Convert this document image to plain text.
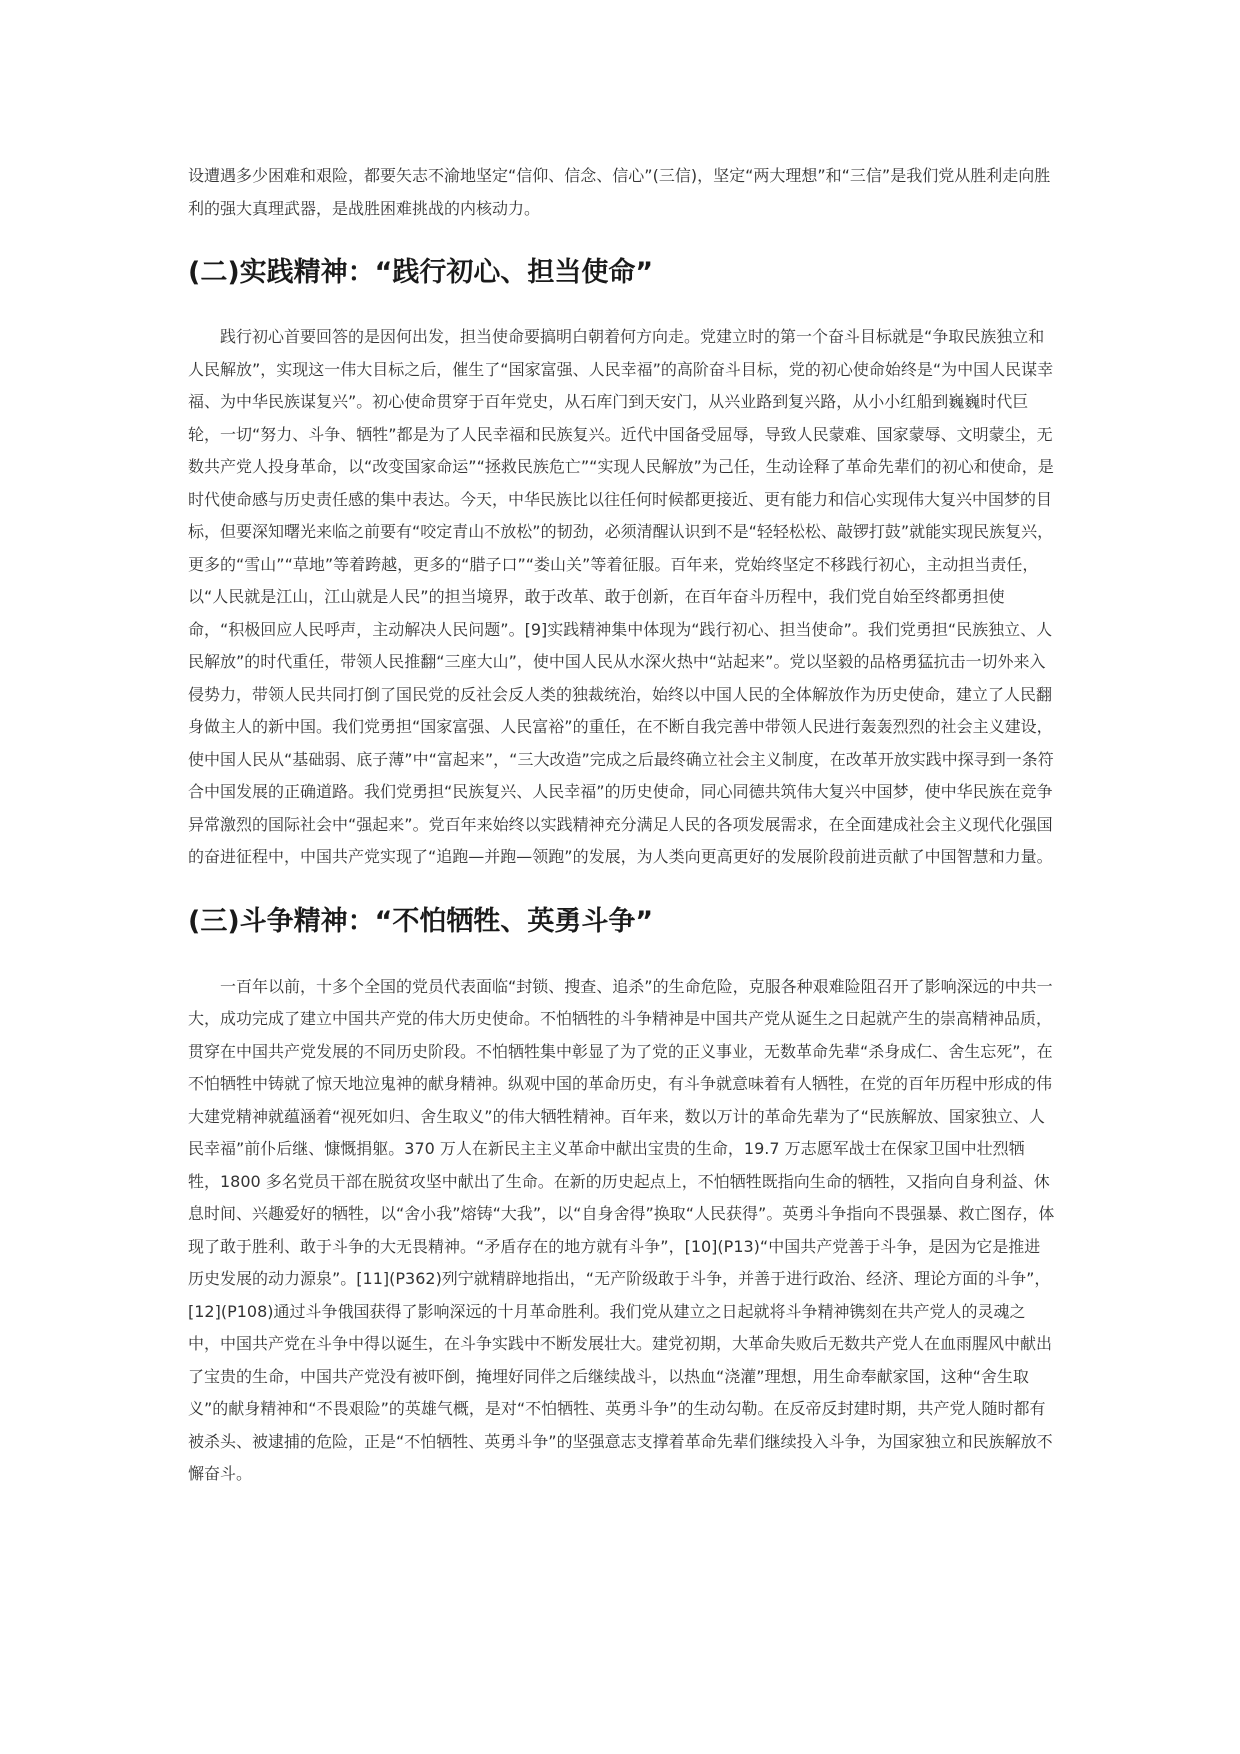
设遭遇多少困难和艰险，都要矢志不渝地坚定“信仰、信念、信心”(三信)，坚定“两大理想”和“三信”是我们党从胜利走向胜利的强大真理武器，是战胜困难挑战的内核动力。

(二)实践精神：“践行初心、担当使命”

践行初心首要回答的是因何出发，担当使命要搞明白朝着何方向走。党建立时的第一个奋斗目标就是“争取民族独立和人民解放”，实现这一伟大目标之后，催生了“国家富强、人民幸福”的高阶奋斗目标，党的初心使命始终是“为中国人民谋幸福、为中华民族谋复兴”。初心使命贯穿于百年党史，从石库门到天安门，从兴业路到复兴路，从小小红船到巍巍时代巨轮，一切“努力、斗争、牺牲”都是为了人民幸福和民族复兴。近代中国备受屈辱，导致人民蒙难、国家蒙辱、文明蒙尘，无数共产党人投身革命，以“改变国家命运”“拯救民族危亡”“实现人民解放”为己任，生动诠释了革命先辈们的初心和使命，是时代使命感与历史责任感的集中表达。今天，中华民族比以往任何时候都更接近、更有能力和信心实现伟大复兴中国梦的目标，但要深知曙光来临之前要有“咬定青山不放松”的韧劲，必须清醒认识到不是“轻轻松松、敲锣打鼓”就能实现民族复兴，更多的“雪山”“草地”等着跨越，更多的“腊子口”“娄山关”等着征服。百年来，党始终坚定不移践行初心，主动担当责任，以“人民就是江山，江山就是人民”的担当境界，敢于改革、敢于创新，在百年奋斗历程中，我们党自始至终都勇担使命，“积极回应人民呼声，主动解决人民问题”。[9]实践精神集中体现为“践行初心、担当使命”。我们党勇担“民族独立、人民解放”的时代重任，带领人民推翻“三座大山”，使中国人民从水深火热中“站起来”。党以坚毅的品格勇猛抗击一切外来入侵势力，带领人民共同打倒了国民党的反社会反人类的独裁统治，始终以中国人民的全体解放作为历史使命，建立了人民翻身做主人的新中国。我们党勇担“国家富强、人民富裕”的重任，在不断自我完善中带领人民进行轰轰烈烈的社会主义建设，使中国人民从“基础弱、底子薄”中“富起来”，“三大改造”完成之后最终确立社会主义制度，在改革开放实践中探寻到一条符合中国发展的正确道路。我们党勇担“民族复兴、人民幸福”的历史使命，同心同德共筑伟大复兴中国梦，使中华民族在竞争异常激烈的国际社会中“强起来”。党百年来始终以实践精神充分满足人民的各项发展需求，在全面建成社会主义现代化强国的奋进征程中，中国共产党实现了“追跑—并跑—领跑”的发展，为人类向更高更好的发展阶段前进贡献了中国智慧和力量。

(三)斗争精神：“不怕牺牲、英勇斗争”

一百年以前，十多个全国的党员代表面临“封锁、搜查、追杀”的生命危险，克服各种艰难险阻召开了影响深远的中共一大，成功完成了建立中国共产党的伟大历史使命。不怕牺牲的斗争精神是中国共产党从诞生之日起就产生的崇高精神品质，贯穿在中国共产党发展的不同历史阶段。不怕牺牲集中彰显了为了党的正义事业，无数革命先辈“杀身成仁、舍生忘死”，在不怕牺牲中铸就了惊天地泣鬼神的献身精神。纵观中国的革命历史，有斗争就意味着有人牺牲，在党的百年历程中形成的伟大建党精神就蕴涵着“视死如归、舍生取义”的伟大牺牲精神。百年来，数以万计的革命先辈为了“民族解放、国家独立、人民幸福”前仆后继、慷慨捐躯。370 万人在新民主主义革命中献出宝贵的生命，19.7 万志愿军战士在保家卫国中壮烈牺牲，1800 多名党员干部在脱贫攻坚中献出了生命。在新的历史起点上，不怕牺牲既指向生命的牺牲，又指向自身利益、休息时间、兴趣爱好的牺牲，以“舍小我”熔铸“大我”，以“自身舍得”换取“人民获得”。英勇斗争指向不畏强暴、救亡图存，体现了敢于胜利、敢于斗争的大无畏精神。“矛盾存在的地方就有斗争”，[10](P13)“中国共产党善于斗争，是因为它是推进历史发展的动力源泉”。[11](P362)列宁就精辟地指出，“无产阶级敢于斗争，并善于进行政治、经济、理论方面的斗争”，[12](P108)通过斗争俄国获得了影响深远的十月革命胜利。我们党从建立之日起就将斗争精神镌刻在共产党人的灵魂之中，中国共产党在斗争中得以诞生，在斗争实践中不断发展壮大。建党初期，大革命失败后无数共产党人在血雨腥风中献出了宝贵的生命，中国共产党没有被吓倒，掩埋好同伴之后继续战斗，以热血“浇灌”理想，用生命奉献家国，这种“舍生取义”的献身精神和“不畏艰险”的英雄气概，是对“不怕牺牲、英勇斗争”的生动勾勒。在反帝反封建时期，共产党人随时都有被杀头、被逮捕的危险，正是“不怕牺牲、英勇斗争”的坚强意志支撑着革命先辈们继续投入斗争，为国家独立和民族解放不懈奋斗。
